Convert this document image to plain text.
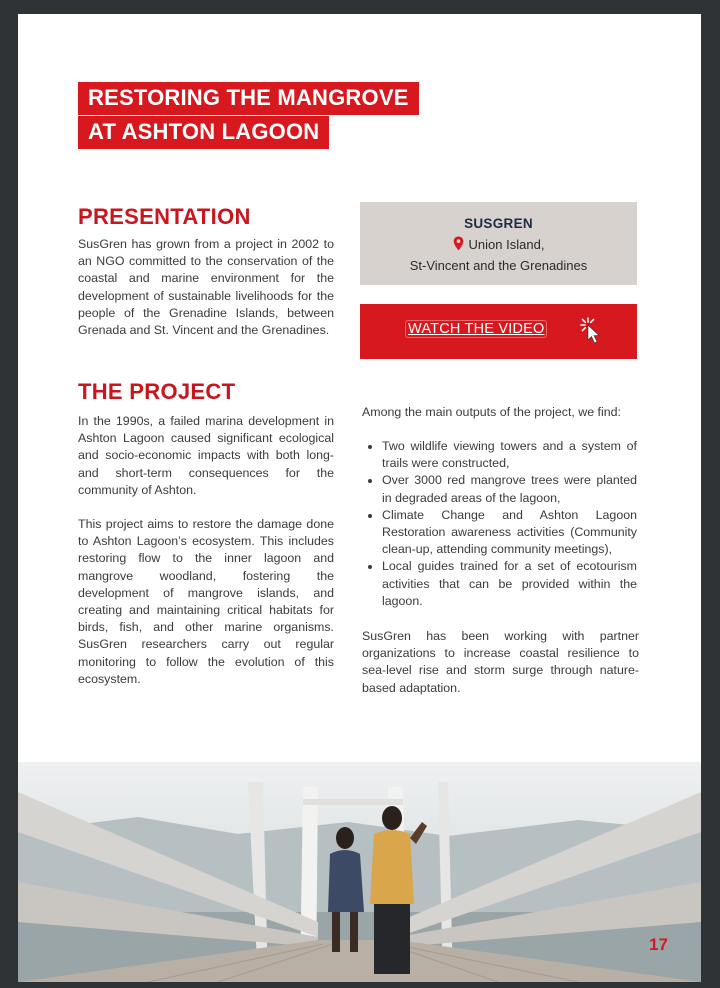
RESTORING THE MANGROVE
AT ASHTON LAGOON
PRESENTATION

SusGren has grown from a project in 2002 to an NGO committed to the conservation of the coastal and marine environment for the development of sustainable livelihoods for the people of the Grenadine Islands, between Grenada and St. Vincent and the Grenadines.

SUSGREN
Union Island,
St-Vincent and the Grenadines
WATCH THE VIDEO
THE PROJECT

In the 1990s, a failed marina development in Ashton Lagoon caused significant ecological and socio-economic impacts with both long- and short-term consequences for the community of Ashton.

This project aims to restore the damage done to Ashton Lagoon’s ecosystem. This includes restoring flow to the inner lagoon and mangrove woodland, fostering the development of mangrove islands, and creating and maintaining critical habitats for birds, fish, and other marine organisms. SusGren researchers carry out regular monitoring to follow the evolution of this ecosystem.

Among the main outputs of the project, we find:

• Two wildlife viewing towers and a system of trails were constructed,
• Over 3000 red mangrove trees were planted in degraded areas of the lagoon,
• Climate Change and Ashton Lagoon Restoration awareness activities (Community clean-up, attending community meetings),
• Local guides trained for a set of ecotourism activities that can be provided within the lagoon.

SusGren has been working with partner organizations to increase coastal resilience to sea-level rise and storm surge through nature-based adaptation.

17
